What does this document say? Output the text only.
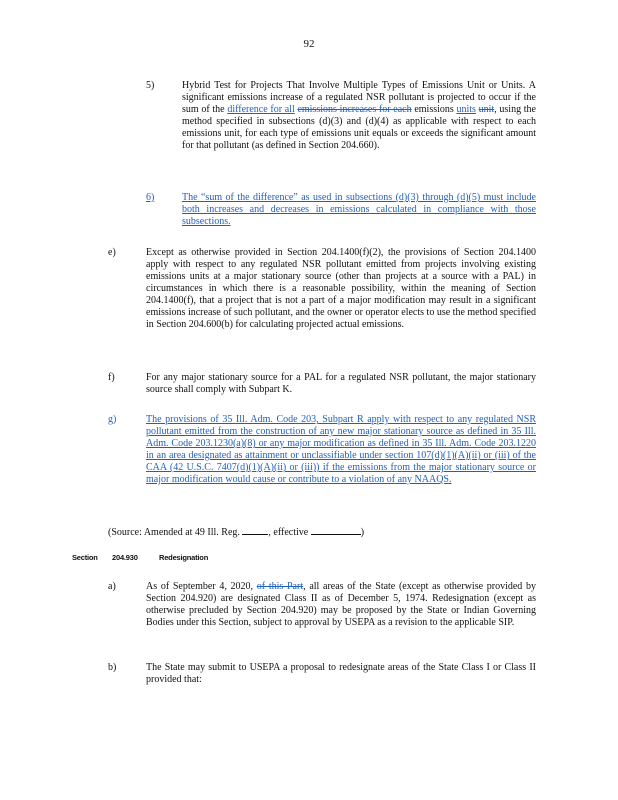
92
5)	Hybrid Test for Projects That Involve Multiple Types of Emissions Unit or Units. A significant emissions increase of a regulated NSR pollutant is projected to occur if the sum of the difference for all emissions increases for each emissions units unit, using the method specified in subsections (d)(3) and (d)(4) as applicable with respect to each emissions unit, for each type of emissions unit equals or exceeds the significant amount for that pollutant (as defined in Section 204.660).
6)	The “sum of the difference” as used in subsections (d)(3) through (d)(5) must include both increases and decreases in emissions calculated in compliance with those subsections.
e)	Except as otherwise provided in Section 204.1400(f)(2), the provisions of Section 204.1400 apply with respect to any regulated NSR pollutant emitted from projects involving existing emissions units at a major stationary source (other than projects at a source with a PAL) in circumstances in which there is a reasonable possibility, within the meaning of Section 204.1400(f), that a project that is not a part of a major modification may result in a significant emissions increase of such pollutant, and the owner or operator elects to use the method specified in Section 204.600(b) for calculating projected actual emissions.
f)	For any major stationary source for a PAL for a regulated NSR pollutant, the major stationary source shall comply with Subpart K.
g)	The provisions of 35 Ill. Adm. Code 203, Subpart R apply with respect to any regulated NSR pollutant emitted from the construction of any new major stationary source as defined in 35 Ill. Adm. Code 203.1230(a)(8) or any major modification as defined in 35 Ill. Adm. Code 203.1220 in an area designated as attainment or unclassifiable under section 107(d)(1)(A)(ii) or (iii) of the CAA (42 U.S.C. 7407(d)(1)(A)(ii) or (iii)) if the emissions from the major stationary source or major modification would cause or contribute to a violation of any NAAQS.
(Source: Amended at 49 Ill. Reg.	, effective	)
Section 204.930	Redesignation
a)	As of September 4, 2020, of this Part, all areas of the State (except as otherwise provided by Section 204.920) are designated Class II as of December 5, 1974. Redesignation (except as otherwise precluded by Section 204.920) may be proposed by the State or Indian Governing Bodies under this Section, subject to approval by USEPA as a revision to the applicable SIP.
b)	The State may submit to USEPA a proposal to redesignate areas of the State Class I or Class II provided that:
